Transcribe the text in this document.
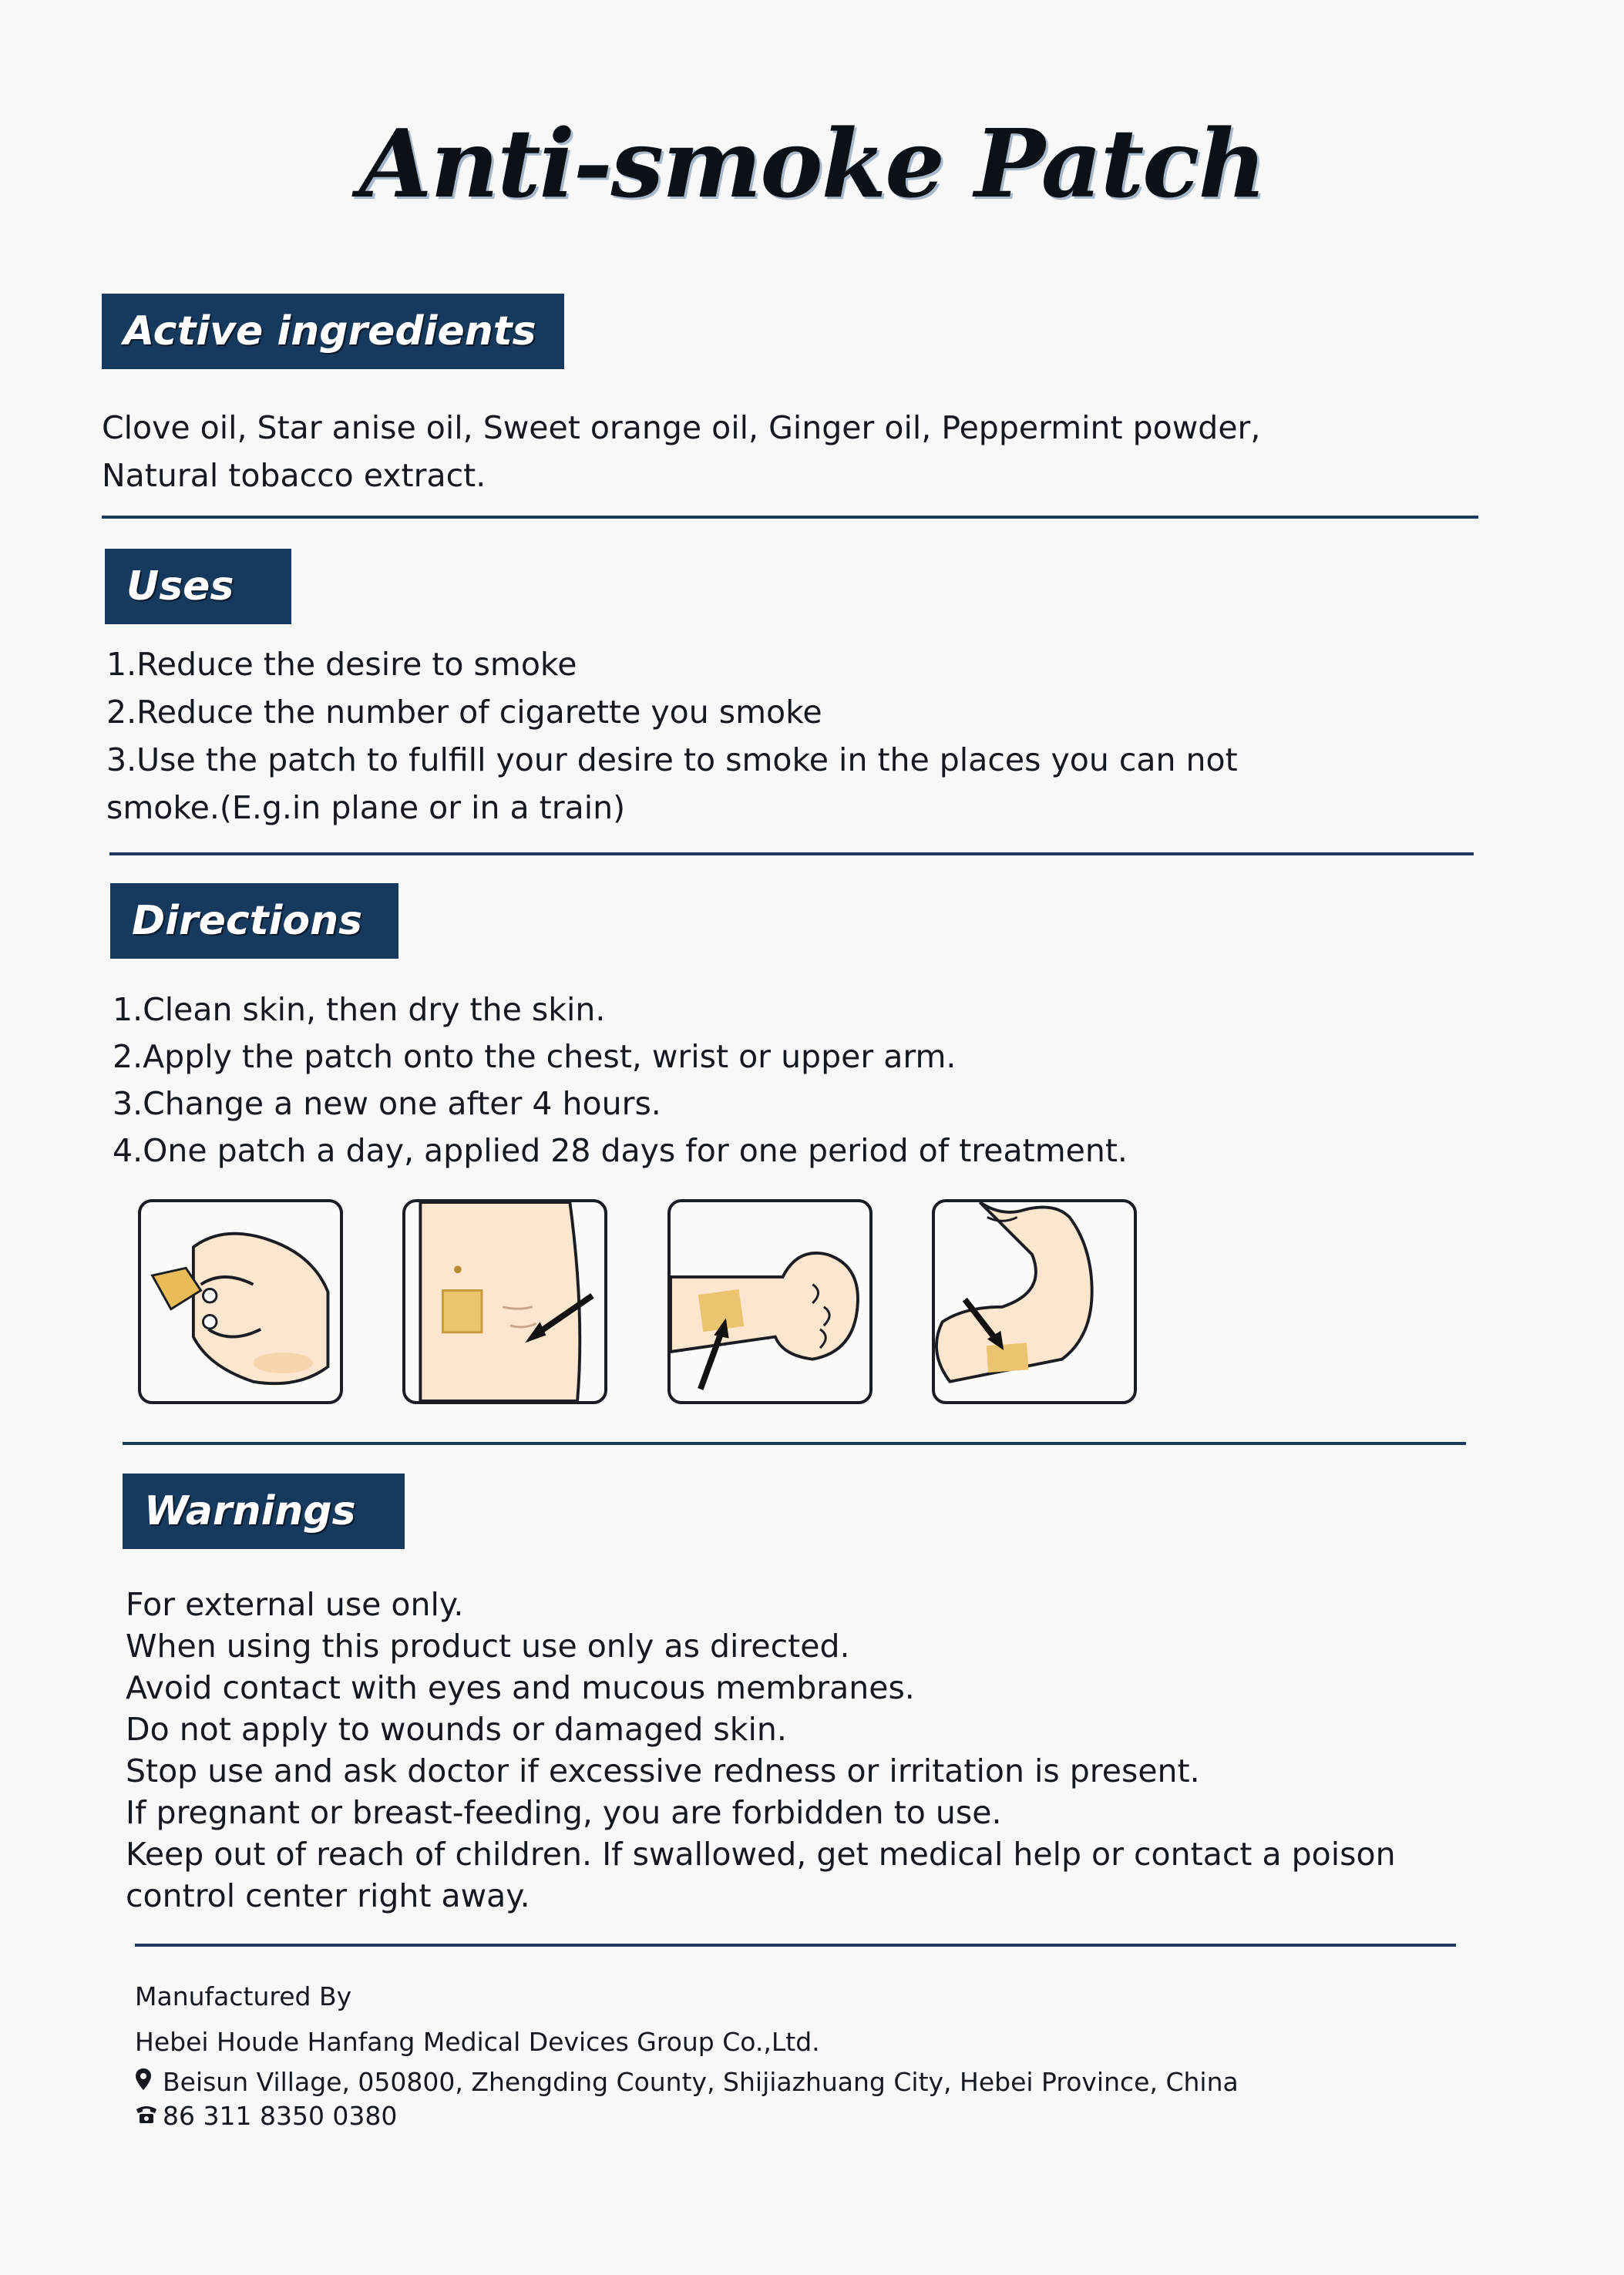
Anti-smoke Patch
Active ingredients
Clove oil, Star anise oil, Sweet orange oil, Ginger oil, Peppermint powder,
Natural tobacco extract.
Uses
1.Reduce the desire to smoke
2.Reduce the number of cigarette you smoke
3.Use the patch to fulfill your desire to smoke in the places you can not
smoke.(E.g.in plane or in a train)
Directions
1.Clean skin, then dry the skin.
2.Apply the patch onto the chest, wrist or upper arm.
3.Change a new one after 4 hours.
4.One patch a day, applied 28 days for one period of treatment.
Warnings
For external use only.
When using this product use only as directed.
Avoid contact with eyes and mucous membranes.
Do not apply to wounds or damaged skin.
Stop use and ask doctor if excessive redness or irritation is present.
If pregnant or breast-feeding, you are forbidden to use.
Keep out of reach of children. If swallowed, get medical help or contact a poison
control center right away.
Manufactured By
Hebei Houde Hanfang Medical Devices Group Co.,Ltd.
Beisun Village, 050800, Zhengding County, Shijiazhuang City, Hebei Province, China
86 311 8350 0380
